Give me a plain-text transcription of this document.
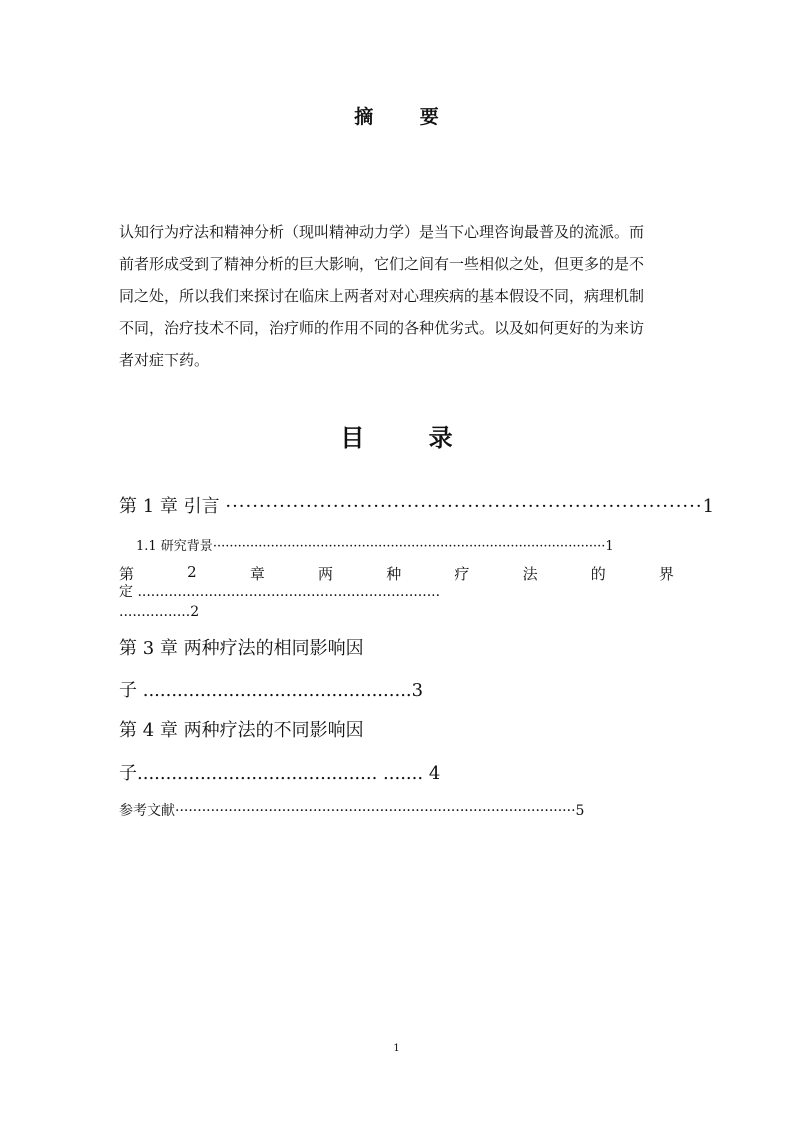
摘 要
认知行为疗法和精神分析（现叫精神动力学）是当下心理咨询最普及的流派。而
前者形成受到了精神分析的巨大影响，它们之间有一些相似之处，但更多的是不
同之处，所以我们来探讨在临床上两者对对心理疾病的基本假设不同，病理机制
不同，治疗技术不同，治疗师的作用不同的各种优劣式。以及如何更好的为来访
者对症下药。
目 录
第 1 章 引言 ·······································································1
1.1 研究背景·······························································································1
第	2	章	两	种	疗	法	的	界
定 ....................................................................
................2
第 3 章 两种疗法的相同影响因
子 ...............................................3
第 4 章 两种疗法的不同影响因
子.......................................... ....... 4
参考文献··························································································5
1
